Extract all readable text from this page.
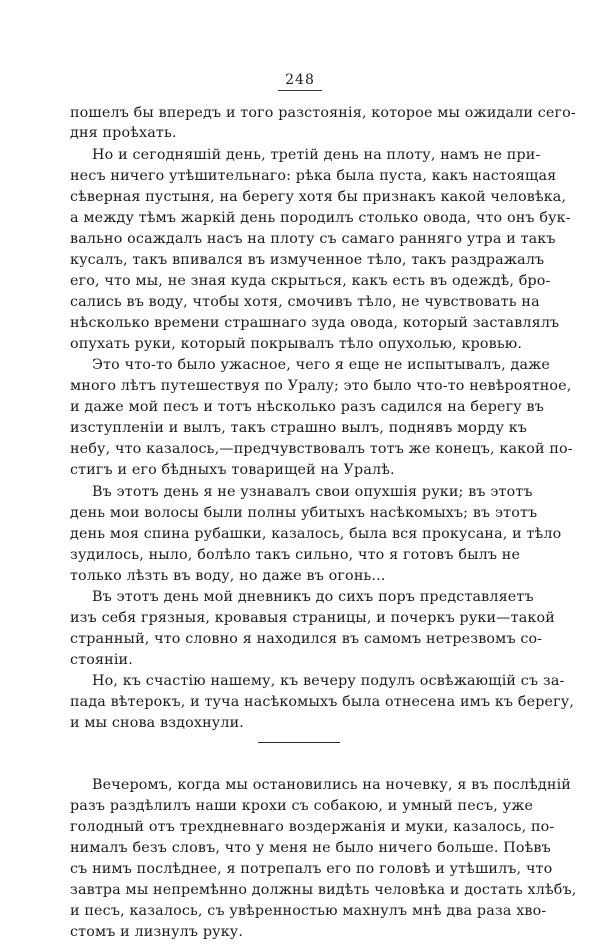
248
пошелъ бы впередъ и того разстоянія, которое мы ожидали сего-
дня проѣхать.
Но и сегодняшій день, третій день на плоту, намъ не при-
несъ ничего утѣшительнаго: рѣка была пуста, какъ настоящая
сѣверная пустыня, на берегу хотя бы признакъ какой человѣка,
а между тѣмъ жаркій день породилъ столько овода, что онъ бук-
вально осаждалъ насъ на плоту съ самаго ранняго утра и такъ
кусалъ, такъ впивался въ измученное тѣло, такъ раздражалъ
его, что мы, не зная куда скрыться, какъ есть въ одеждѣ, бро-
сались въ воду, чтобы хотя, смочивъ тѣло, не чувствовать на
нѣсколько времени страшнаго зуда овода, который заставлялъ
опухать руки, который покрывалъ тѣло опухолью, кровью.
Это что-то было ужасное, чего я еще не испытывалъ, даже
много лѣтъ путешествуя по Уралу; это было что-то невѣроятное,
и даже мой песъ и тотъ нѣсколько разъ садился на берегу въ
изступленіи и вылъ, такъ страшно вылъ, поднявъ морду къ
небу, что казалось,—предчувствовалъ тотъ же конецъ, какой по-
стигъ и его бѣдныхъ товарищей на Уралѣ.
Въ этотъ день я не узнавалъ свои опухшія руки; въ этотъ
день мои волосы были полны убитыхъ насѣкомыхъ; въ этотъ
день моя спина рубашки, казалось, была вся прокусана, и тѣло
зудилось, ныло, болѣло такъ сильно, что я готовъ былъ не
только лѣзть въ воду, но даже въ огонь...
Въ этотъ день мой дневникъ до сихъ поръ представляетъ
изъ себя грязныя, кровавыя страницы, и почеркъ руки—такой
странный, что словно я находился въ самомъ нетрезвомъ со-
стояніи.
Но, къ счастію нашему, къ вечеру подулъ освѣжающій съ за-
пада вѣтерокъ, и туча насѣкомыхъ была отнесена имъ къ берегу,
и мы снова вздохнули.
Вечеромъ, когда мы остановились на ночевку, я въ послѣдній
разъ раздѣлилъ наши крохи съ собакою, и умный песъ, уже
голодный отъ трехдневнаго воздержанія и муки, казалось, по-
нималъ безъ словъ, что у меня не было ничего больше. Поѣвъ
съ нимъ послѣднее, я потрепалъ его по головѣ и утѣшилъ, что
завтра мы непремѣнно должны видѣть человѣка и достать хлѣбъ,
и песъ, казалось, съ увѣренностью махнулъ мнѣ два раза хво-
стомъ и лизнулъ руку.
